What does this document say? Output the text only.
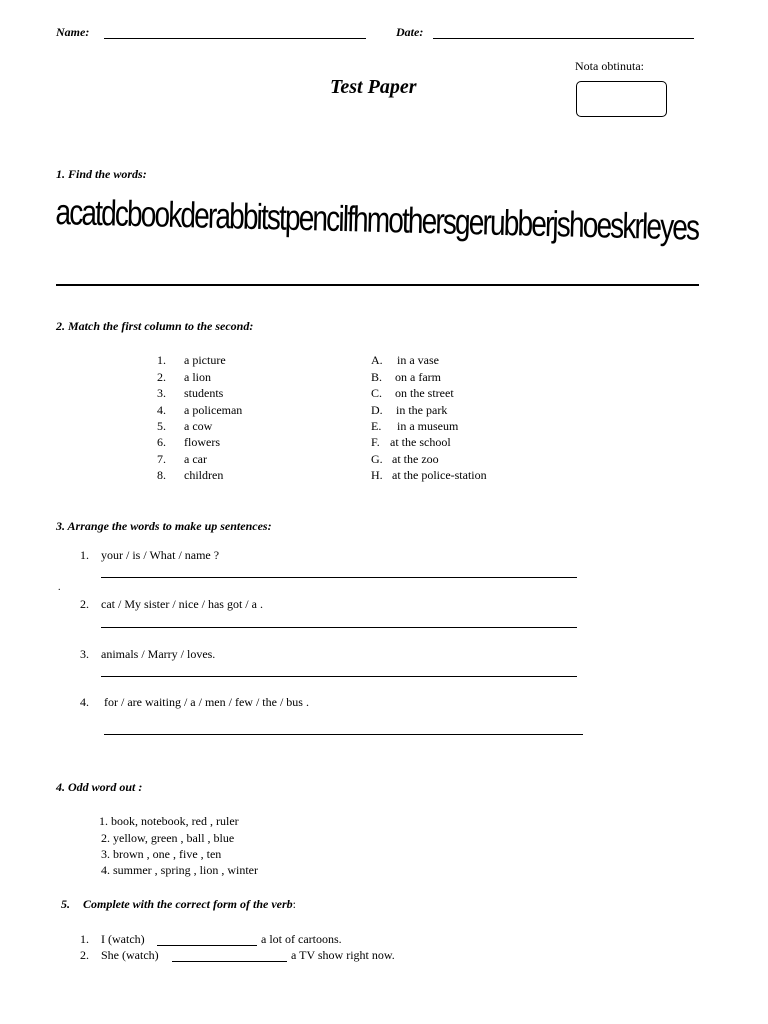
Name:	Date:
Nota obtinuta:
Test Paper
1. Find the words:
acatdcbookderabbitstpencilfhmothersgerubberjshoeskrleyes
2. Match the first column to the second:
1. a picture	A. in a vase
2. a lion	B. on a farm
3. students	C. on the street
4. a policeman	D. in the park
5. a cow	E. in a museum
6. flowers	F. at the school
7. a car	G. at the zoo
8. children	H. at the police-station
3. Arrange the words to make up sentences:
1. your / is / What / name ?
.
2. cat / My sister / nice / has got / a .
3. animals / Marry / loves.
4. for / are waiting / a / men / few / the / bus .
4. Odd word out :
1. book, notebook, red , ruler
2. yellow, green , ball , blue
3. brown , one , five , ten
4. summer , spring , lion , winter
5. Complete with the correct form of the verb:
1. I (watch)	a lot of cartoons.
2. She (watch)	a TV show right now.
